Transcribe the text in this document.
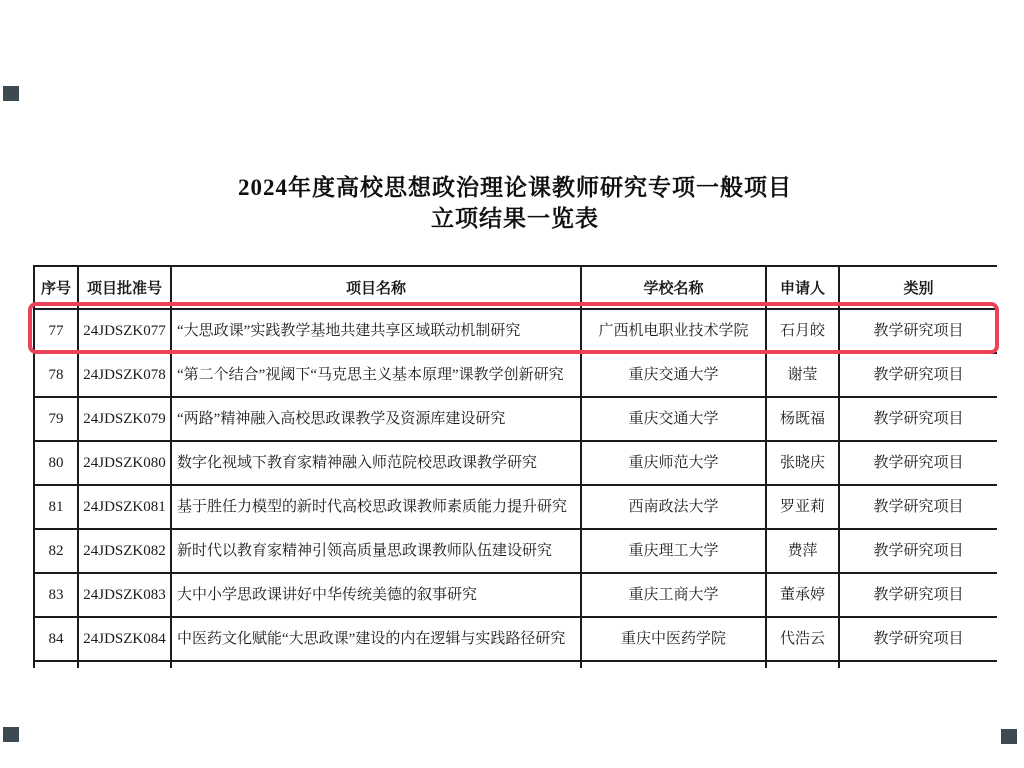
2024年度高校思想政治理论课教师研究专项一般项目
立项结果一览表
序号	项目批准号	项目名称	学校名称	申请人	类别
77	24JDSZK077	“大思政课”实践教学基地共建共享区域联动机制研究	广西机电职业技术学院	石月皎	教学研究项目
78	24JDSZK078	“第二个结合”视阈下“马克思主义基本原理”课教学创新研究	重庆交通大学	谢莹	教学研究项目
79	24JDSZK079	“两路”精神融入高校思政课教学及资源库建设研究	重庆交通大学	杨既福	教学研究项目
80	24JDSZK080	数字化视域下教育家精神融入师范院校思政课教学研究	重庆师范大学	张晓庆	教学研究项目
81	24JDSZK081	基于胜任力模型的新时代高校思政课教师素质能力提升研究	西南政法大学	罗亚莉	教学研究项目
82	24JDSZK082	新时代以教育家精神引领高质量思政课教师队伍建设研究	重庆理工大学	费萍	教学研究项目
83	24JDSZK083	大中小学思政课讲好中华传统美德的叙事研究	重庆工商大学	董承婷	教学研究项目
84	24JDSZK084	中医药文化赋能“大思政课”建设的内在逻辑与实践路径研究	重庆中医药学院	代浩云	教学研究项目
